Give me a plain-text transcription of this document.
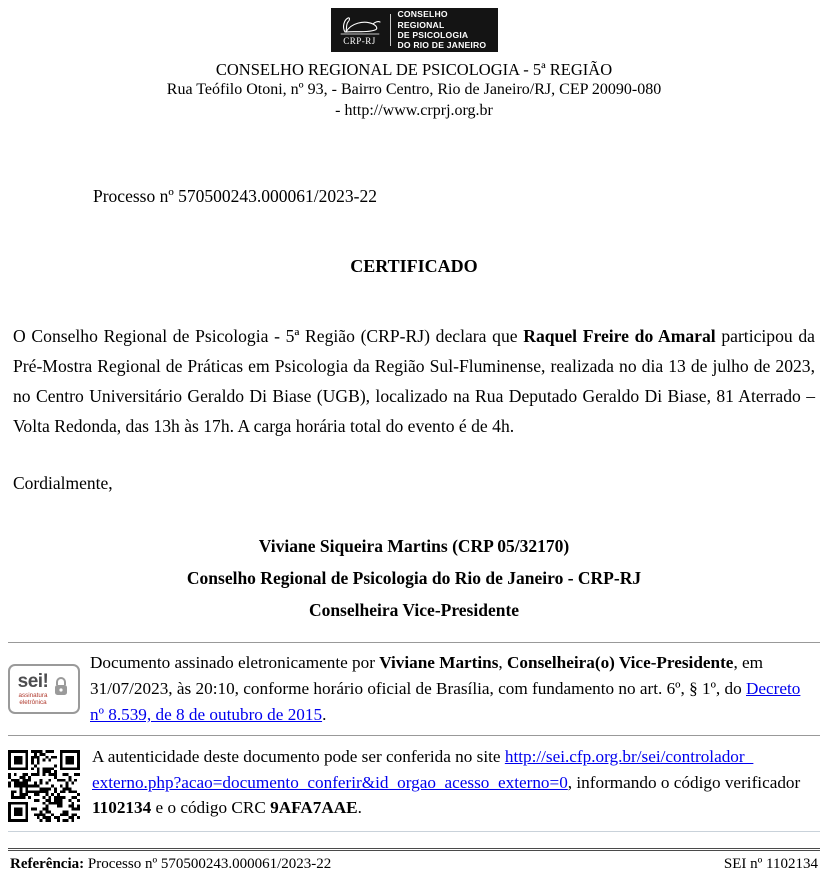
CRP-RJ
CONSELHO REGIONAL
DE PSICOLOGIA
DO RIO DE JANEIRO
CONSELHO REGIONAL DE PSICOLOGIA - 5ª REGIÃO
Rua Teófilo Otoni, nº 93, - Bairro Centro, Rio de Janeiro/RJ, CEP 20090-080
- http://www.crprj.org.br
Processo nº 570500243.000061/2023-22
CERTIFICADO
O Conselho Regional de Psicologia - 5ª Região (CRP-RJ) declara que Raquel Freire do Amaral participou da Pré-Mostra Regional de Práticas em Psicologia da Região Sul-Fluminense, realizada no dia 13 de julho de 2023, no Centro Universitário Geraldo Di Biase (UGB), localizado na Rua Deputado Geraldo Di Biase, 81 Aterrado – Volta Redonda, das 13h às 17h. A carga horária total do evento é de 4h.
Cordialmente,
Viviane Siqueira Martins (CRP 05/32170)
Conselho Regional de Psicologia do Rio de Janeiro - CRP-RJ
Conselheira Vice-Presidente
sei!
assinatura
eletrônica
Documento assinado eletronicamente por Viviane Martins, Conselheira(o) Vice-Presidente, em 31/07/2023, às 20:10, conforme horário oficial de Brasília, com fundamento no art. 6º, § 1º, do Decreto nº 8.539, de 8 de outubro de 2015.
A autenticidade deste documento pode ser conferida no site http:/​/​sei.cfp.org.br/​sei/​controlador_​externo.php?​acao=​documento_​conferir&​id_​orgao_​acesso_​externo=​0, informando o código verificador 1102134 e o código CRC 9AFA7AAE.
Referência: Processo nº 570500243.000061/2023-22	SEI nº 1102134
